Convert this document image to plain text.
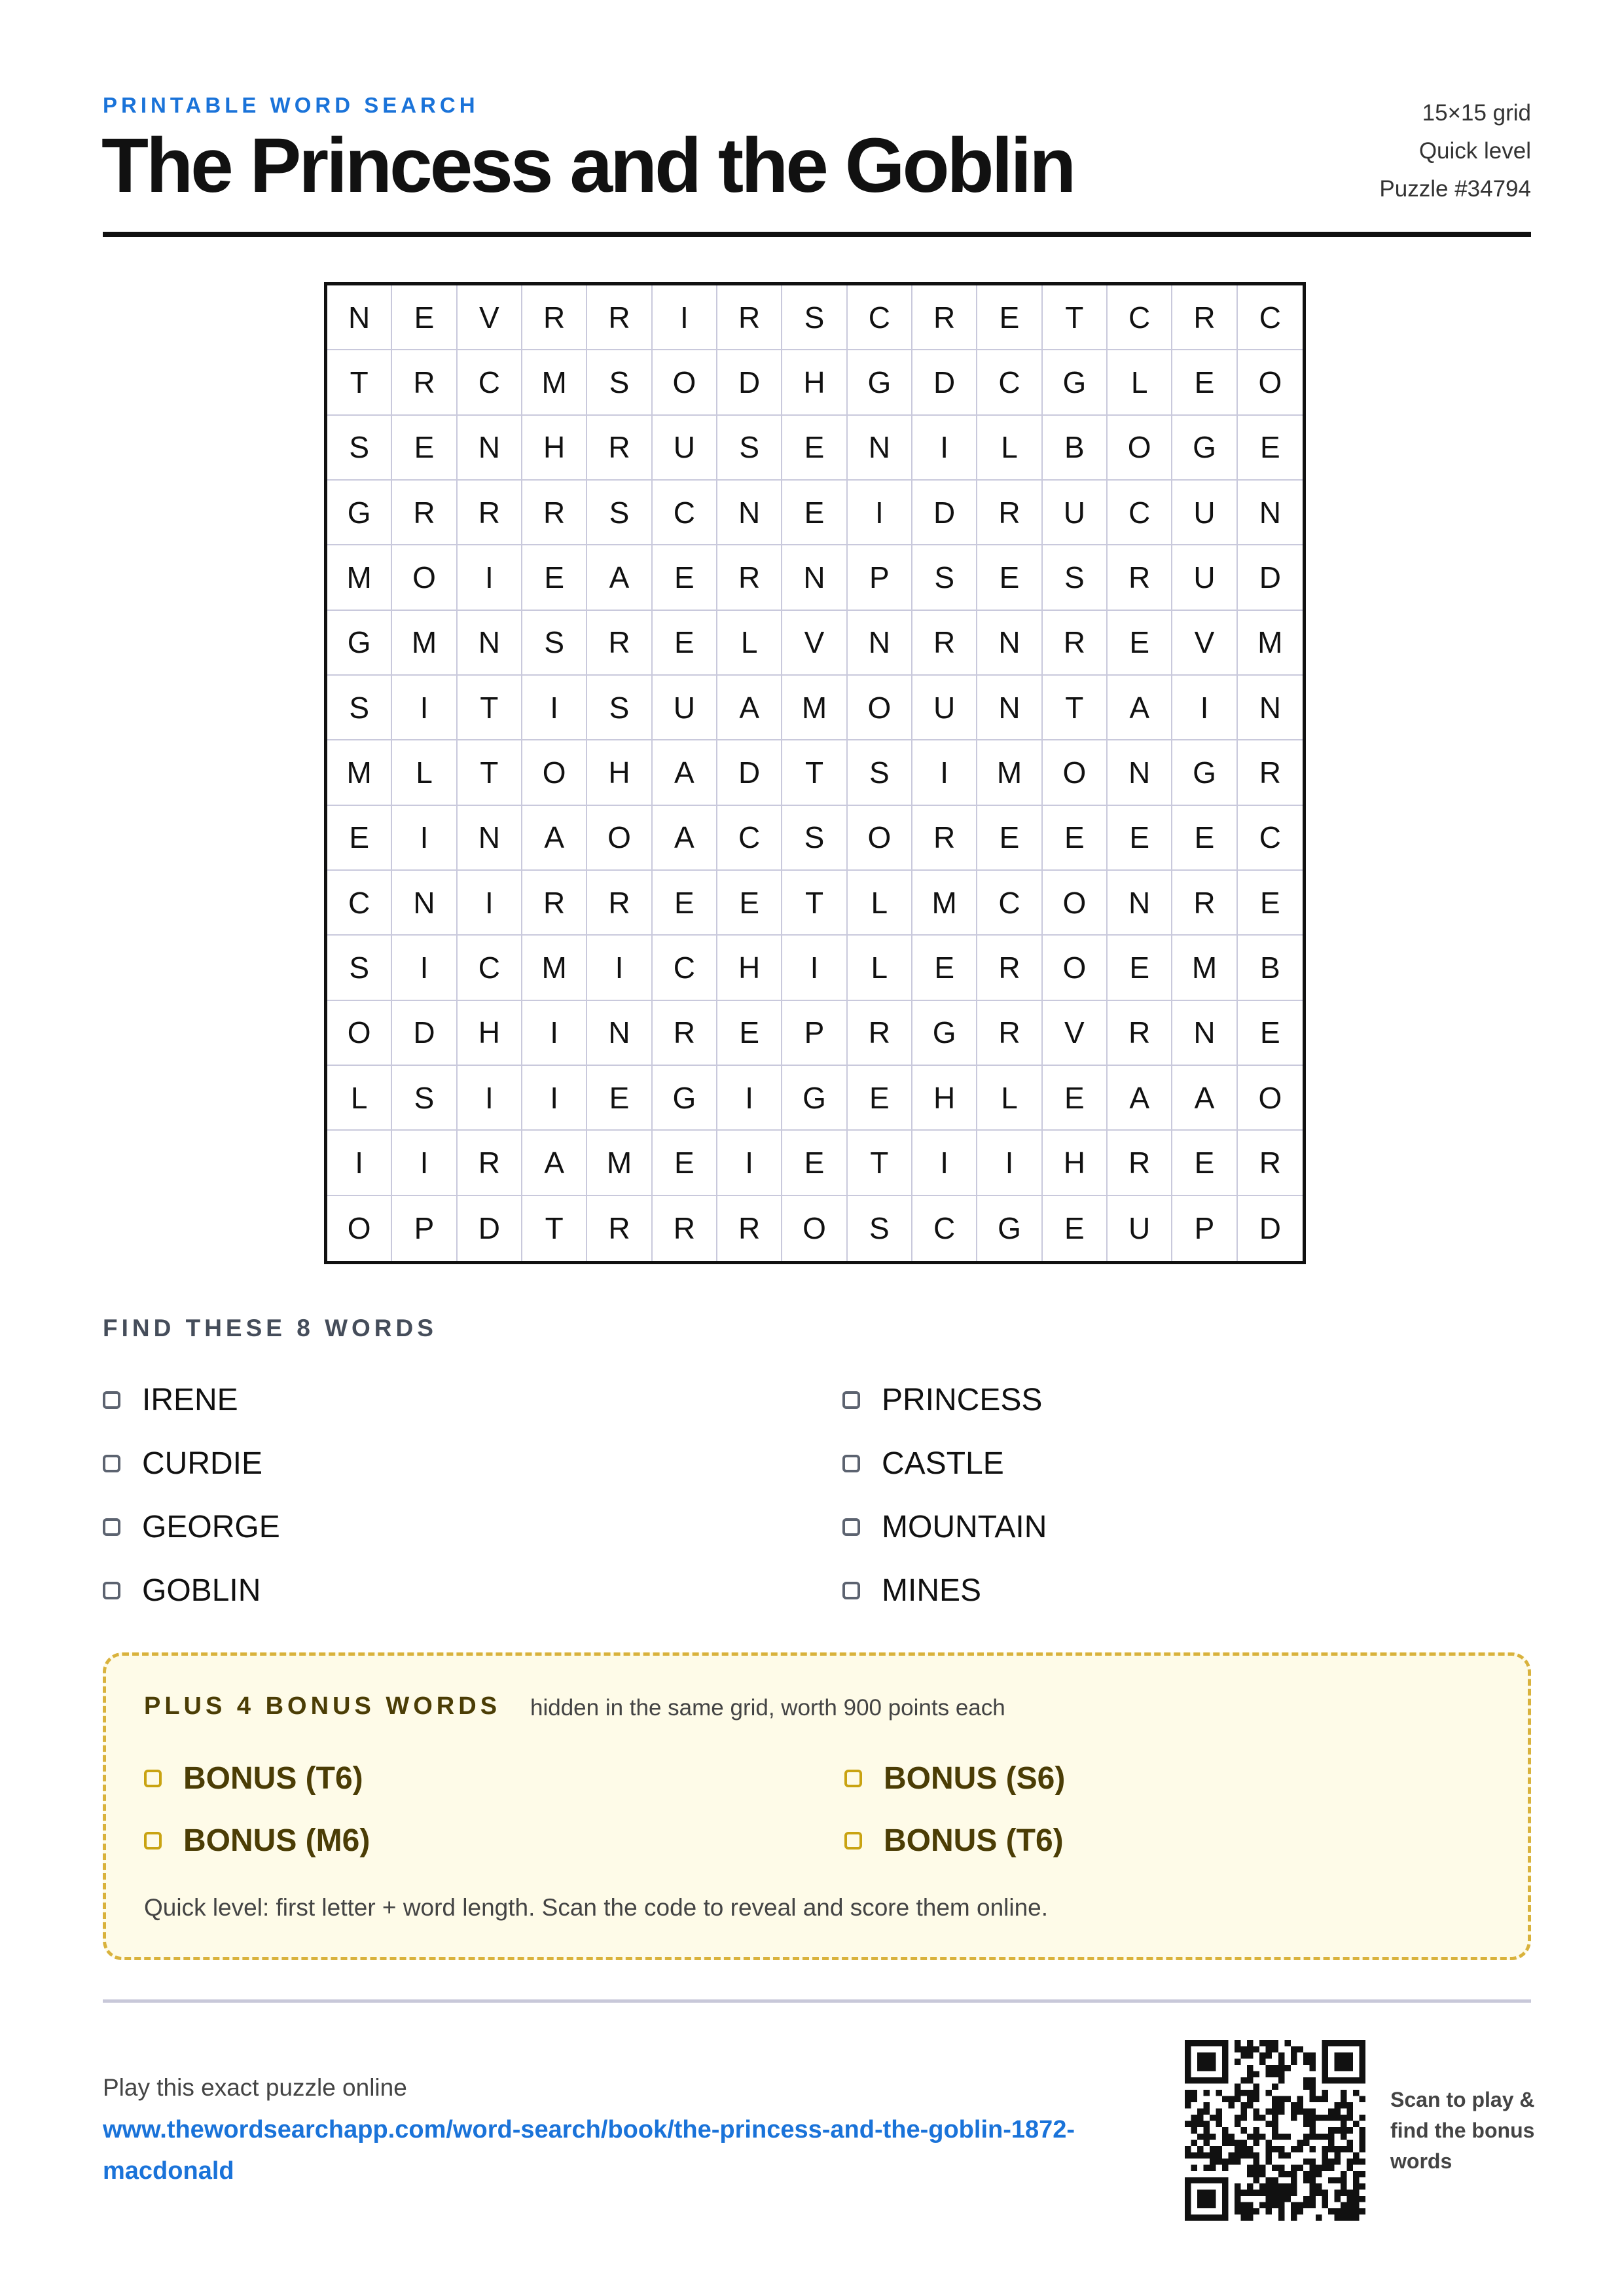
PRINTABLE WORD SEARCH
The Princess and the Goblin
15×15 grid
Quick level
Puzzle #34794
N	E	V	R	R	I	R	S	C	R	E	T	C	R	C
T	R	C	M	S	O	D	H	G	D	C	G	L	E	O
S	E	N	H	R	U	S	E	N	I	L	B	O	G	E
G	R	R	R	S	C	N	E	I	D	R	U	C	U	N
M	O	I	E	A	E	R	N	P	S	E	S	R	U	D
G	M	N	S	R	E	L	V	N	R	N	R	E	V	M
S	I	T	I	S	U	A	M	O	U	N	T	A	I	N
M	L	T	O	H	A	D	T	S	I	M	O	N	G	R
E	I	N	A	O	A	C	S	O	R	E	E	E	E	C
C	N	I	R	R	E	E	T	L	M	C	O	N	R	E
S	I	C	M	I	C	H	I	L	E	R	O	E	M	B
O	D	H	I	N	R	E	P	R	G	R	V	R	N	E
L	S	I	I	E	G	I	G	E	H	L	E	A	A	O
I	I	R	A	M	E	I	E	T	I	I	H	R	E	R
O	P	D	T	R	R	R	O	S	C	G	E	U	P	D
FIND THESE 8 WORDS
IRENE
CURDIE
GEORGE
GOBLIN
PRINCESS
CASTLE
MOUNTAIN
MINES
PLUS 4 BONUS WORDS hidden in the same grid, worth 900 points each
BONUS (T6)
BONUS (M6)
BONUS (S6)
BONUS (T6)
Quick level: first letter + word length. Scan the code to reveal and score them online.
Play this exact puzzle online
www.thewordsearchapp.com/word-search/book/the-princess-and-the-goblin-1872-macdonald
Scan to play & find the bonus words
